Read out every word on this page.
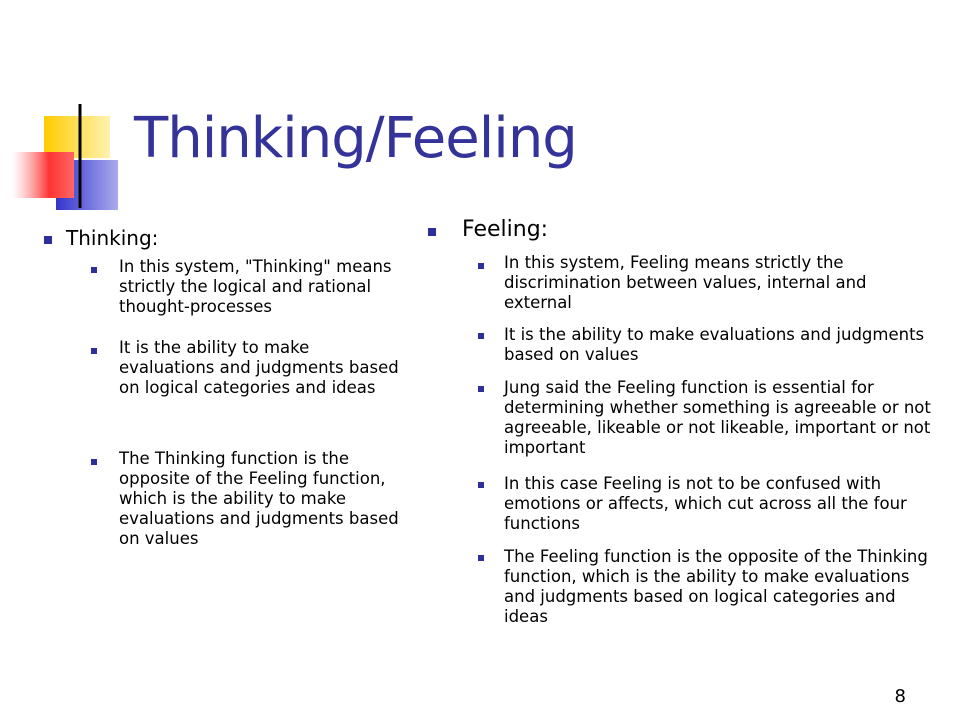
Thinking/Feeling
Thinking:
In this system, "Thinking" means strictly the logical and rational thought-processes
It is the ability to make evaluations and judgments based on logical categories and ideas
The Thinking function is the opposite of the Feeling function, which is the ability to make evaluations and judgments based on values
Feeling:
In this system, Feeling means strictly the discrimination between values, internal and external
It is the ability to make evaluations and judgments based on values
Jung said the Feeling function is essential for determining whether something is agreeable or not agreeable, likeable or not likeable, important or not important
In this case Feeling is not to be confused with emotions or affects, which cut across all the four functions
The Feeling function is the opposite of the Thinking function, which is the ability to make evaluations and judgments based on logical categories and ideas
8
